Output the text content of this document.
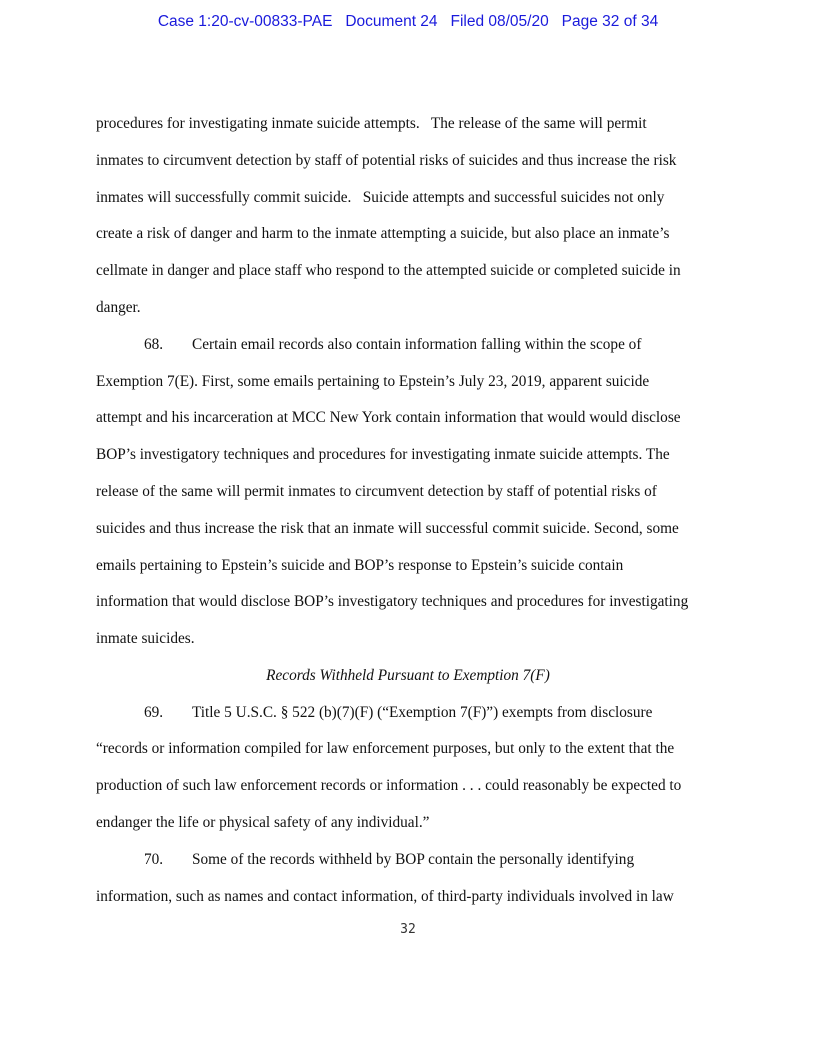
Case 1:20-cv-00833-PAE Document 24 Filed 08/05/20 Page 32 of 34
procedures for investigating inmate suicide attempts.   The release of the same will permit
inmates to circumvent detection by staff of potential risks of suicides and thus increase the risk
inmates will successfully commit suicide.   Suicide attempts and successful suicides not only
create a risk of danger and harm to the inmate attempting a suicide, but also place an inmate’s
cellmate in danger and place staff who respond to the attempted suicide or completed suicide in
danger.
68. Certain email records also contain information falling within the scope of
Exemption 7(E). First, some emails pertaining to Epstein’s July 23, 2019, apparent suicide
attempt and his incarceration at MCC New York contain information that would would disclose
BOP’s investigatory techniques and procedures for investigating inmate suicide attempts. The
release of the same will permit inmates to circumvent detection by staff of potential risks of
suicides and thus increase the risk that an inmate will successful commit suicide. Second, some
emails pertaining to Epstein’s suicide and BOP’s response to Epstein’s suicide contain
information that would disclose BOP’s investigatory techniques and procedures for investigating
inmate suicides.
Records Withheld Pursuant to Exemption 7(F)
69. Title 5 U.S.C. § 522 (b)(7)(F) (“Exemption 7(F)”) exempts from disclosure
“records or information compiled for law enforcement purposes, but only to the extent that the
production of such law enforcement records or information . . . could reasonably be expected to
endanger the life or physical safety of any individual.”
70. Some of the records withheld by BOP contain the personally identifying
information, such as names and contact information, of third-party individuals involved in law
32
